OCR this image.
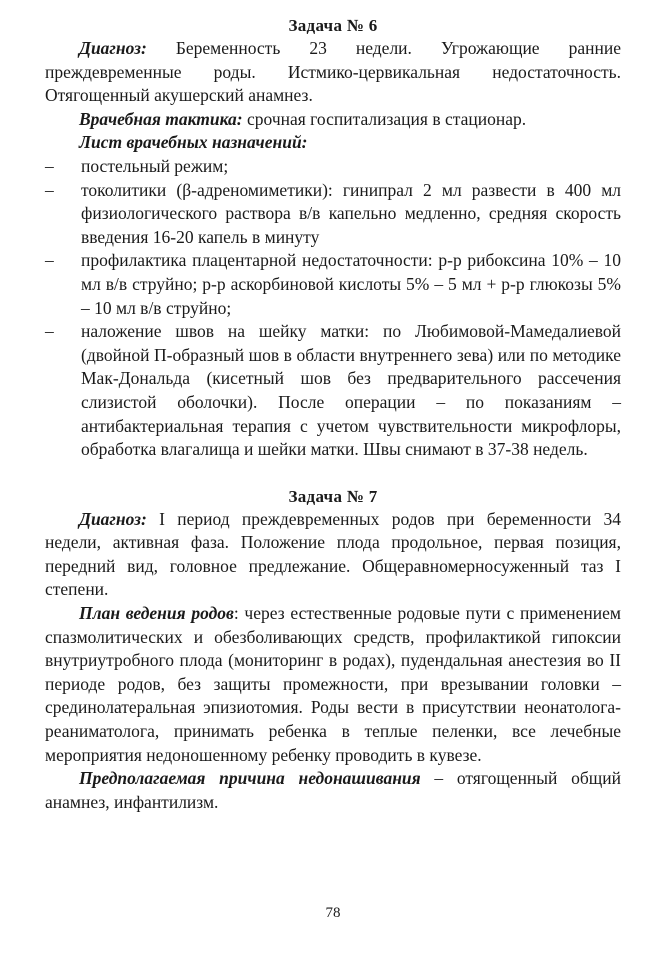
Задача № 6

Диагноз: Беременность 23 недели. Угрожающие ранние преждевременные роды. Истмико-цервикальная недостаточность. Отягощенный акушерский анамнез.

Врачебная тактика: срочная госпитализация в стационар.

Лист врачебных назначений:

– постельный режим;
– токолитики (β-адреномиметики): гинипрал 2 мл развести в 400 мл физиологического раствора в/в капельно медленно, средняя скорость введения 16-20 капель в минуту
– профилактика плацентарной недостаточности: р-р рибоксина 10% – 10 мл в/в струйно; р-р аскорбиновой кислоты 5% – 5 мл + р-р глюкозы 5% – 10 мл в/в струйно;
– наложение швов на шейку матки: по Любимовой-Мамедалиевой (двойной П-образный шов в области внутреннего зева) или по методике Мак-Дональда (кисетный шов без предварительного рассечения слизистой оболочки). После операции – по показаниям – антибактериальная терапия с учетом чувствительности микрофлоры, обработка влагалища и шейки матки. Швы снимают в 37-38 недель.
Задача № 7

Диагноз: I период преждевременных родов при беременности 34 недели, активная фаза. Положение плода продольное, первая позиция, передний вид, головное предлежание. Общеравномерносуженный таз I степени.

План ведения родов: через естественные родовые пути с применением спазмолитических и обезболивающих средств, профилактикой гипоксии внутриутробного плода (мониторинг в родах), пудендальная анестезия во II периоде родов, без защиты промежности, при врезывании головки – срединолатеральная эпизиотомия. Роды вести в присутствии неонатолога-реаниматолога, принимать ребенка в теплые пеленки, все лечебные мероприятия недоношенному ребенку проводить в кувезе.

Предполагаемая причина недонашивания – отягощенный общий анамнез, инфантилизм.

78
